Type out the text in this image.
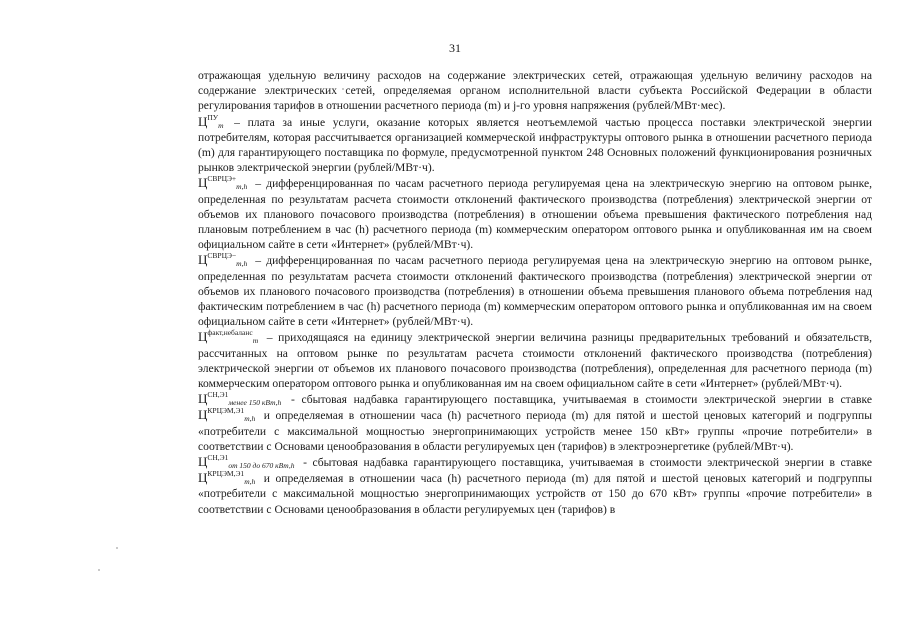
31

отражающая удельную величину расходов на содержание электрических сетей, отражающая удельную величину расходов на содержание электрических сетей, определяемая органом исполнительной власти субъекта Российской Федерации в области регулирования тарифов в отношении расчетного периода (m) и j-го уровня напряжения (рублей/МВт·мес).

$Ц^{ПУ}_m$ – плата за иные услуги, оказание которых является неотъемлемой частью процесса поставки электрической энергии потребителям, которая рассчитывается организацией коммерческой инфраструктуры оптового рынка в отношении расчетного периода (m) для гарантирующего поставщика по формуле, предусмотренной пунктом 248 Основных положений функционирования розничных рынков электрической энергии (рублей/МВт·ч).

$Ц^{СВРЦЭ+}_{m,h}$ – дифференцированная по часам расчетного периода регулируемая цена на электрическую энергию на оптовом рынке, определенная по результатам расчета стоимости отклонений фактического производства (потребления) электрической энергии от объемов их планового почасового производства (потребления) в отношении объема превышения фактического потребления над плановым потреблением в час (h) расчетного периода (m) коммерческим оператором оптового рынка и опубликованная им на своем официальном сайте в сети «Интернет» (рублей/МВт·ч).

$Ц^{СВРЦЭ-}_{m,h}$ – дифференцированная по часам расчетного периода регулируемая цена на электрическую энергию на оптовом рынке, определенная по результатам расчета стоимости отклонений фактического производства (потребления) электрической энергии от объемов их планового почасового производства (потребления) в отношении объема превышения планового объема потребления над фактическим потреблением в час (h) расчетного периода (m) коммерческим оператором оптового рынка и опубликованная им на своем официальном сайте в сети «Интернет» (рублей/МВт·ч).

$Ц^{факт,небаланс}_m$ – приходящаяся на единицу электрической энергии величина разницы предварительных требований и обязательств, рассчитанных на оптовом рынке по результатам расчета стоимости отклонений фактического производства (потребления) электрической энергии от объемов их планового почасового производства (потребления), определенная для расчетного периода (m) коммерческим оператором оптового рынка и опубликованная им на своем официальном сайте в сети «Интернет» (рублей/МВт·ч).

$Ц^{СН,Э1}_{менее 150 кВт,h}$ - сбытовая надбавка гарантирующего поставщика, учитываемая в стоимости электрической энергии в ставке $Ц^{КРЦЭМ,Э1}_{m,h}$ и определяемая в отношении часа (h) расчетного периода (m) для пятой и шестой ценовых категорий и подгруппы «потребители с максимальной мощностью энергопринимающих устройств менее 150 кВт» группы «прочие потребители» в соответствии с Основами ценообразования в области регулируемых цен (тарифов) в электроэнергетике (рублей/МВт·ч).

$Ц^{СН,Э1}_{от 150 до 670 кВт,h}$ - сбытовая надбавка гарантирующего поставщика, учитываемая в стоимости электрической энергии в ставке $Ц^{КРЦЭМ,Э1}_{m,h}$ и определяемая в отношении часа (h) расчетного периода (m) для пятой и шестой ценовых категорий и подгруппы «потребители с максимальной мощностью энергопринимающих устройств от 150 до 670 кВт» группы «прочие потребители» в соответствии с Основами ценообразования в области регулируемых цен (тарифов) в
